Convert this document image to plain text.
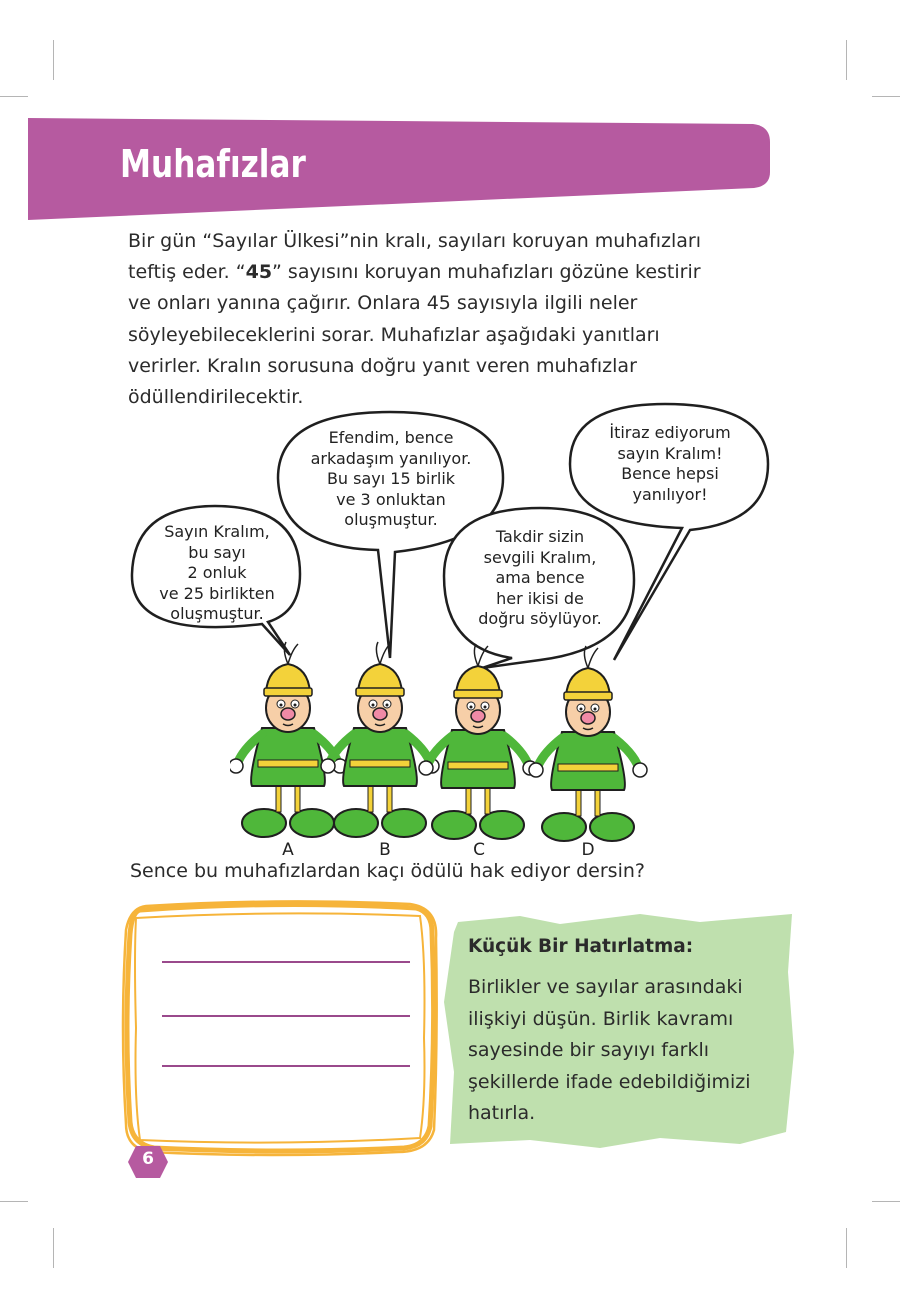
Muhafızlar
Bir gün “Sayılar Ülkesi”nin kralı, sayıları koruyan muhafızları
teftiş eder. “45” sayısını koruyan muhafızları gözüne kestirir
ve onları yanına çağırır. Onlara 45 sayısıyla ilgili neler
söyleyebileceklerini sorar. Muhafızlar aşağıdaki yanıtları
verirler. Kralın sorusuna doğru yanıt veren muhafızlar
ödüllendirilecektir.
Sayın Kralım,
bu sayı
2 onluk
ve 25 birlikten
oluşmuştur.
Efendim, bence
arkadaşım yanılıyor.
Bu sayı 15 birlik
ve 3 onluktan
oluşmuştur.
Takdir sizin
sevgili Kralım,
ama bence
her ikisi de
doğru söylüyor.
İtiraz ediyorum
sayın Kralım!
Bence hepsi
yanılıyor!
A	B	C	D
Sence bu muhafızlardan kaçı ödülü hak ediyor dersin?
Küçük Bir Hatırlatma:
Birlikler ve sayılar arasındaki
ilişkiyi düşün. Birlik kavramı
sayesinde bir sayıyı farklı
şekillerde ifade edebildiğimizi
hatırla.
6
